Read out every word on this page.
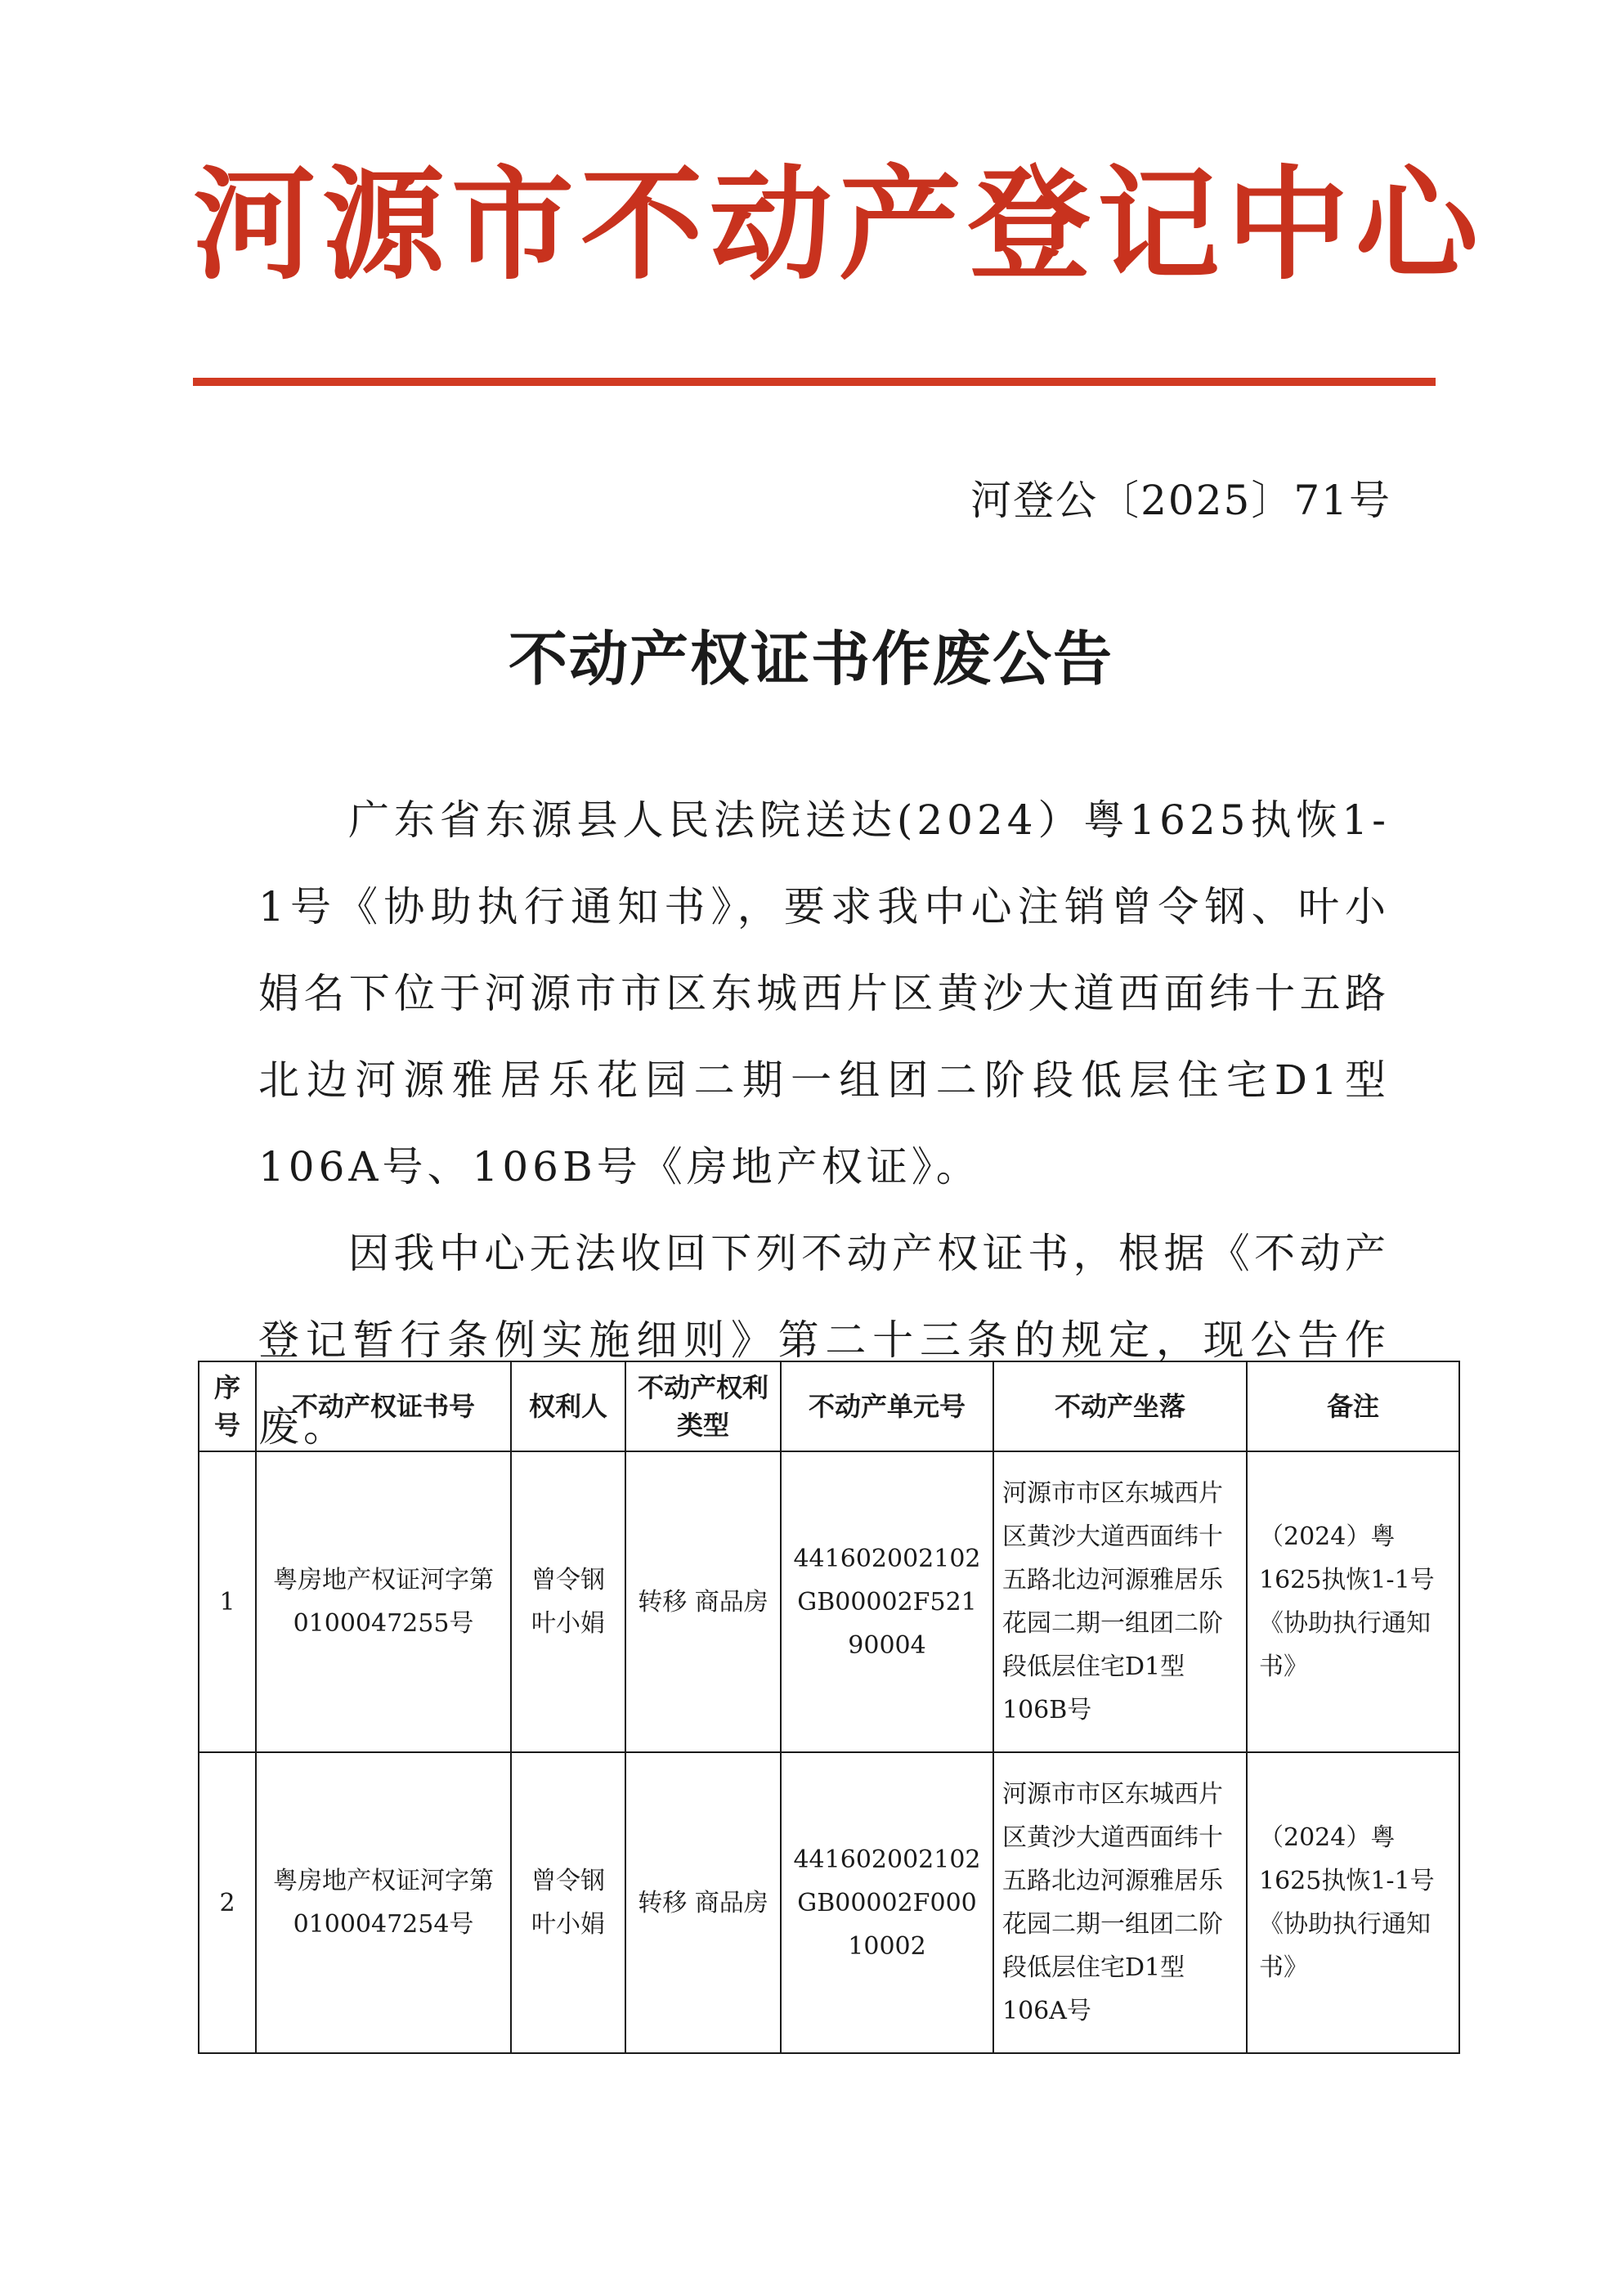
河源市不动产登记中心
河登公〔2025〕71号
不动产权证书作废公告

广东省东源县人民法院送达(2024）粤1625执恢1-1号《协助执行通知书》，要求我中心注销曾令钢、叶小娟名下位于河源市市区东城西片区黄沙大道西面纬十五路北边河源雅居乐花园二期一组团二阶段低层住宅D1型106A号、106B号《房地产权证》。

因我中心无法收回下列不动产权证书，根据《不动产登记暂行条例实施细则》第二十三条的规定，现公告作废。

序号	不动产权证书号	权利人	不动产权利类型	不动产单元号	不动产坐落	备注
1	粤房地产权证河字第0100047255号	曾令钢叶小娟	转移 商品房	441602002102GB00002F52190004	河源市市区东城西片区黄沙大道西面纬十五路北边河源雅居乐花园二期一组团二阶段低层住宅D1型106B号	（2024）粤1625执恢1-1号《协助执行通知书》
2	粤房地产权证河字第0100047254号	曾令钢叶小娟	转移 商品房	441602002102GB00002F00010002	河源市市区东城西片区黄沙大道西面纬十五路北边河源雅居乐花园二期一组团二阶段低层住宅D1型106A号	（2024）粤1625执恢1-1号《协助执行通知书》
